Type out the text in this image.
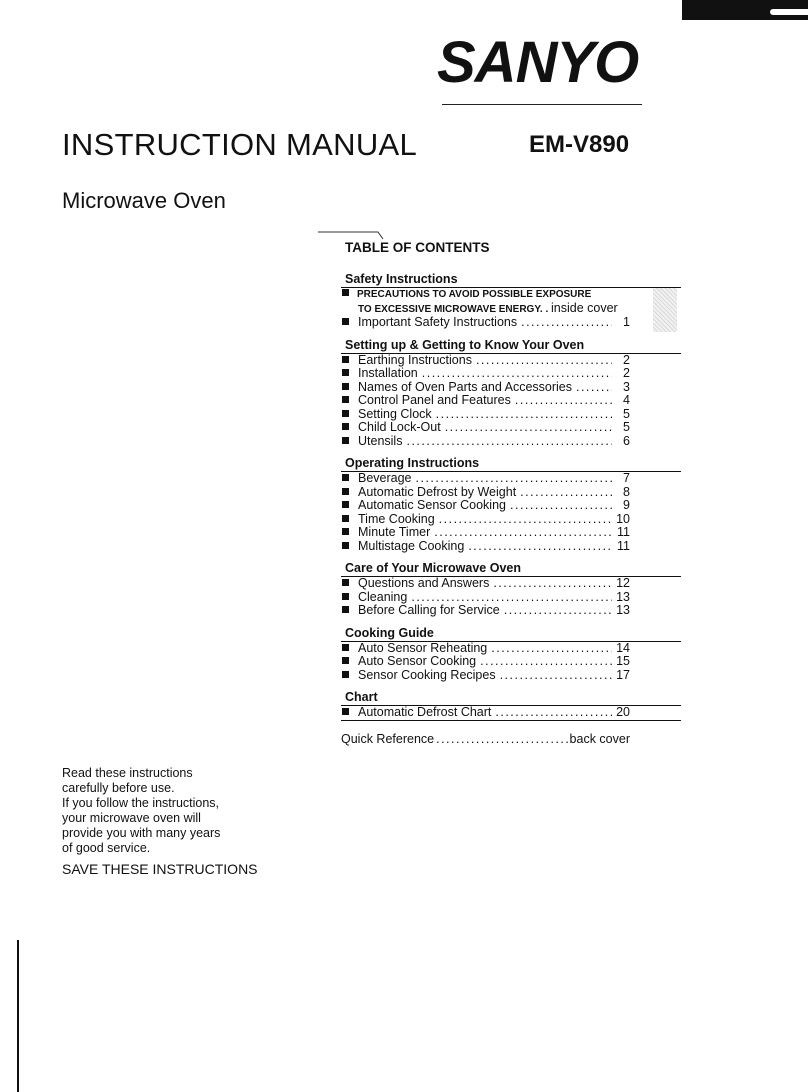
SANYO
INSTRUCTION MANUAL	EM-V890
Microwave Oven
TABLE OF CONTENTS
Safety Instructions
PRECAUTIONS TO AVOID POSSIBLE EXPOSURE
TO EXCESSIVE MICROWAVE ENERGY. . inside cover
Important Safety Instructions .....	1
Setting up & Getting to Know Your Oven
Earthing Instructions .....	2
Installation .....	2
Names of Oven Parts and Accessories .....	3
Control Panel and Features .....	4
Setting Clock .....	5
Child Lock-Out .....	5
Utensils .....	6
Operating Instructions
Beverage .....	7
Automatic Defrost by Weight .....	8
Automatic Sensor Cooking .....	9
Time Cooking .....	10
Minute Timer .....	11
Multistage Cooking .....	11
Care of Your Microwave Oven
Questions and Answers .....	12
Cleaning .....	13
Before Calling for Service .....	13
Cooking Guide
Auto Sensor Reheating .....	14
Auto Sensor Cooking .....	15
Sensor Cooking Recipes .....	17
Chart
Automatic Defrost Chart .....	20
Quick Reference .....	back cover
Read these instructions
carefully before use.
If you follow the instructions,
your microwave oven will
provide you with many years
of good service.
SAVE THESE INSTRUCTIONS
